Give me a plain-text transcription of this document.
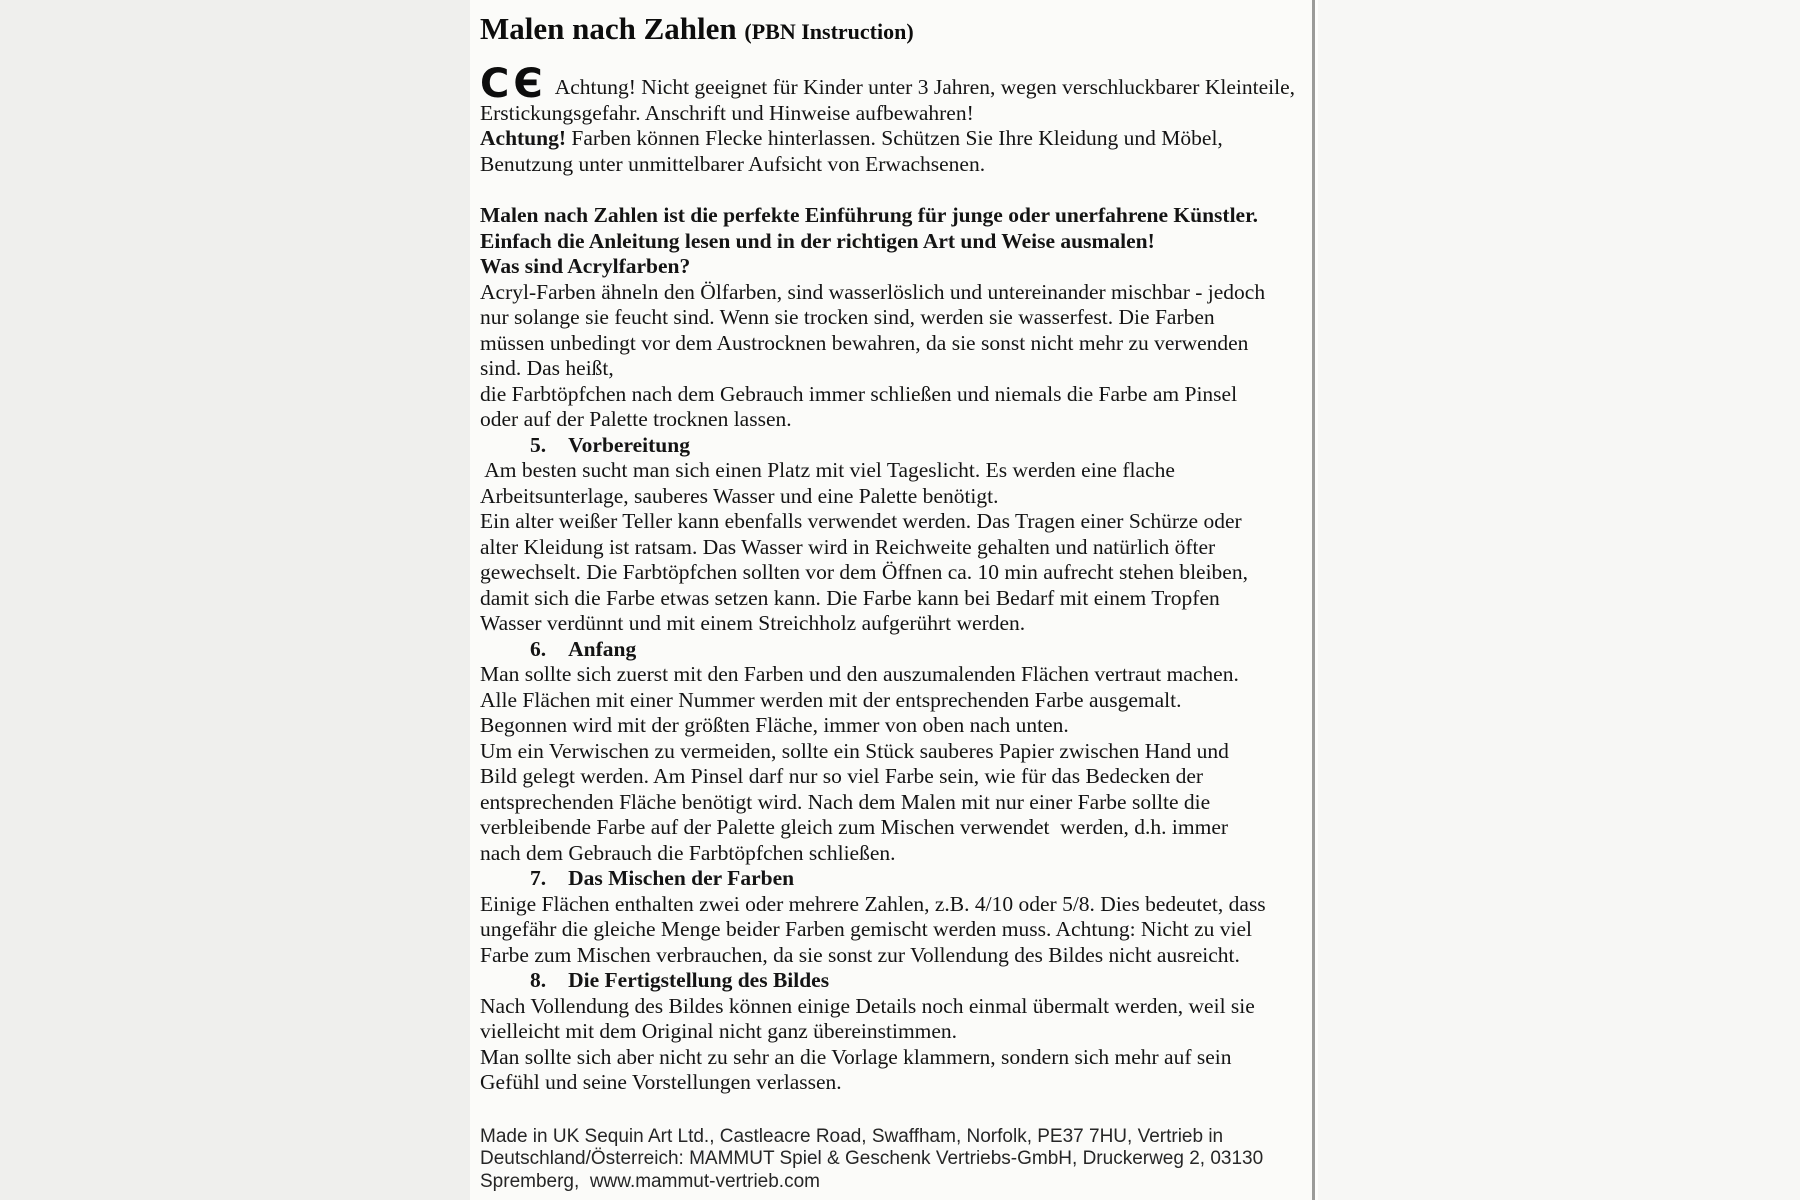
Malen nach Zahlen (PBN Instruction)
CЄ Achtung! Nicht geeignet für Kinder unter 3 Jahren, wegen verschluckbarer Kleinteile,
Erstickungsgefahr. Anschrift und Hinweise aufbewahren!
Achtung! Farben können Flecke hinterlassen. Schützen Sie Ihre Kleidung und Möbel,
Benutzung unter unmittelbarer Aufsicht von Erwachsenen.
Malen nach Zahlen ist die perfekte Einführung für junge oder unerfahrene Künstler.
Einfach die Anleitung lesen und in der richtigen Art und Weise ausmalen!
Was sind Acrylfarben?
Acryl-Farben ähneln den Ölfarben, sind wasserlöslich und untereinander mischbar - jedoch
nur solange sie feucht sind. Wenn sie trocken sind, werden sie wasserfest. Die Farben
müssen unbedingt vor dem Austrocknen bewahren, da sie sonst nicht mehr zu verwenden
sind. Das heißt,
die Farbtöpfchen nach dem Gebrauch immer schließen und niemals die Farbe am Pinsel
oder auf der Palette trocknen lassen.
5. Vorbereitung
Am besten sucht man sich einen Platz mit viel Tageslicht. Es werden eine flache
Arbeitsunterlage, sauberes Wasser und eine Palette benötigt.
Ein alter weißer Teller kann ebenfalls verwendet werden. Das Tragen einer Schürze oder
alter Kleidung ist ratsam. Das Wasser wird in Reichweite gehalten und natürlich öfter
gewechselt. Die Farbtöpfchen sollten vor dem Öffnen ca. 10 min aufrecht stehen bleiben,
damit sich die Farbe etwas setzen kann. Die Farbe kann bei Bedarf mit einem Tropfen
Wasser verdünnt und mit einem Streichholz aufgerührt werden.
6. Anfang
Man sollte sich zuerst mit den Farben und den auszumalenden Flächen vertraut machen.
Alle Flächen mit einer Nummer werden mit der entsprechenden Farbe ausgemalt.
Begonnen wird mit der größten Fläche, immer von oben nach unten.
Um ein Verwischen zu vermeiden, sollte ein Stück sauberes Papier zwischen Hand und
Bild gelegt werden. Am Pinsel darf nur so viel Farbe sein, wie für das Bedecken der
entsprechenden Fläche benötigt wird. Nach dem Malen mit nur einer Farbe sollte die
verbleibende Farbe auf der Palette gleich zum Mischen verwendet  werden, d.h. immer
nach dem Gebrauch die Farbtöpfchen schließen.
7. Das Mischen der Farben
Einige Flächen enthalten zwei oder mehrere Zahlen, z.B. 4/10 oder 5/8. Dies bedeutet, dass
ungefähr die gleiche Menge beider Farben gemischt werden muss. Achtung: Nicht zu viel
Farbe zum Mischen verbrauchen, da sie sonst zur Vollendung des Bildes nicht ausreicht.
8. Die Fertigstellung des Bildes
Nach Vollendung des Bildes können einige Details noch einmal übermalt werden, weil sie
vielleicht mit dem Original nicht ganz übereinstimmen.
Man sollte sich aber nicht zu sehr an die Vorlage klammern, sondern sich mehr auf sein
Gefühl und seine Vorstellungen verlassen.
Made in UK Sequin Art Ltd., Castleacre Road, Swaffham, Norfolk, PE37 7HU, Vertrieb in
Deutschland/Österreich: MAMMUT Spiel & Geschenk Vertriebs-GmbH, Druckerweg 2, 03130
Spremberg,  www.mammut-vertrieb.com
